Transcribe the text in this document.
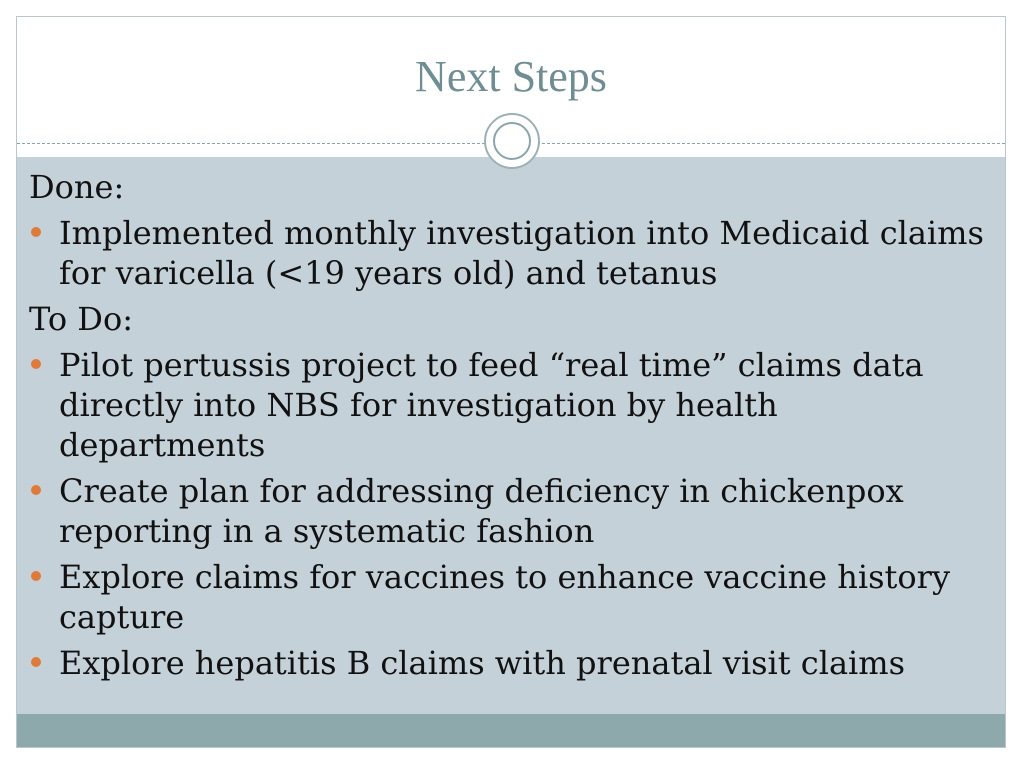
Next Steps
Done:
Implemented monthly investigation into Medicaid claims for varicella (<19 years old) and tetanus
To Do:
Pilot pertussis project to feed “real time” claims data directly into NBS for investigation by health departments
Create plan for addressing deficiency in chickenpox reporting in a systematic fashion
Explore claims for vaccines to enhance vaccine history capture
Explore hepatitis B claims with prenatal visit claims
